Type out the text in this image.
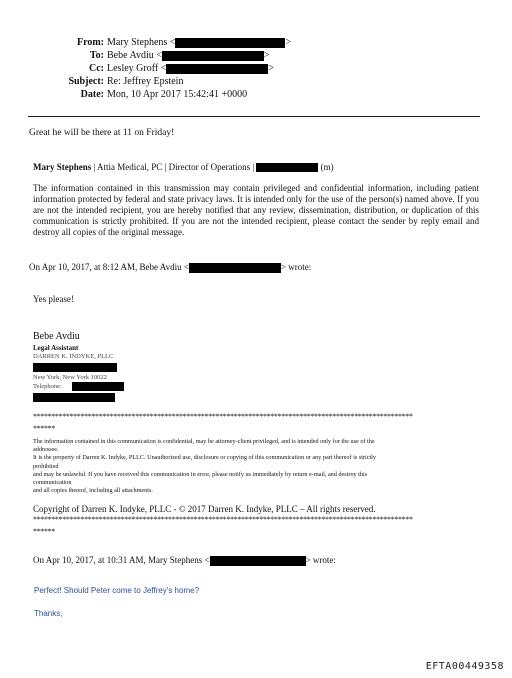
From: Mary Stephens <	>
To: Bebe Avdiu <	>
Cc: Lesley Groff <	>
Subject: Re: Jeffrey Epstein
Date: Mon, 10 Apr 2017 15:42:41 +0000
Great he will be there at 11 on Friday!
Mary Stephens | Attia Medical, PC | Director of Operations |	(m)
The information contained in this transmission may contain privileged and confidential information, including patient information protected by federal and state privacy laws. It is intended only for the use of the person(s) named above. If you are not the intended recipient, you are hereby notified that any review, dissemination, distribution, or duplication of this communication is strictly prohibited. If you are not the intended recipient, please contact the sender by reply email and destroy all copies of the original message.
On Apr 10, 2017, at 8:12 AM, Bebe Avdiu <	> wrote:
Yes please!
Bebe Avdiu
Legal Assistant
DARREN K. INDYKE, PLLC
New York, New York 10022
Telephone:
********************************************************************************************************
******
The information contained in this communication is confidential, may be attorney-client privileged, and is intended only for the use of the
addressee.
It is the property of Darren K. Indyke, PLLC. Unauthorized use, disclosure or copying of this communication or any part thereof is strictly
prohibited
and may be unlawful. If you have received this communication in error, please notify us immediately by return e-mail, and destroy this
communication
and all copies thereof, including all attachments.
Copyright of Darren K. Indyke, PLLC - © 2017 Darren K. Indyke, PLLC – All rights reserved.
********************************************************************************************************
******
On Apr 10, 2017, at 10:31 AM, Mary Stephens <	> wrote:
Perfect! Should Peter come to Jeffrey's home?
Thanks,
EFTA00449358
